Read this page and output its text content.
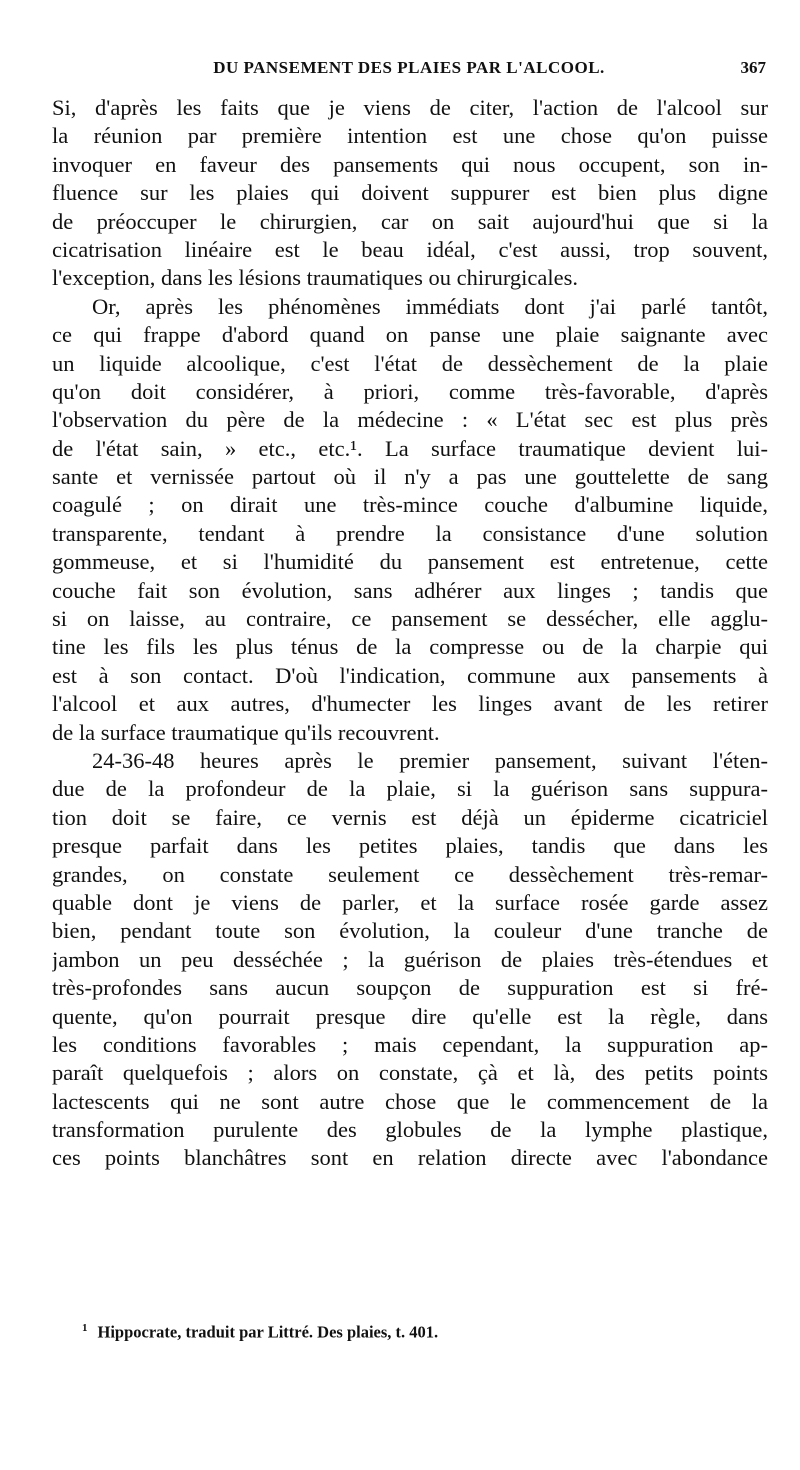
DU PANSEMENT DES PLAIES PAR L'ALCOOL.	367
Si, d'après les faits que je viens de citer, l'action de l'alcool sur
la réunion par première intention est une chose qu'on puisse
invoquer en faveur des pansements qui nous occupent, son in-
fluence sur les plaies qui doivent suppurer est bien plus digne
de préoccuper le chirurgien, car on sait aujourd'hui que si la
cicatrisation linéaire est le beau idéal, c'est aussi, trop souvent,
l'exception, dans les lésions traumatiques ou chirurgicales.
Or, après les phénomènes immédiats dont j'ai parlé tantôt,
ce qui frappe d'abord quand on panse une plaie saignante avec
un liquide alcoolique, c'est l'état de dessèchement de la plaie
qu'on doit considérer, à priori, comme très-favorable, d'après
l'observation du père de la médecine : « L'état sec est plus près
de l'état sain, » etc., etc.¹. La surface traumatique devient lui-
sante et vernissée partout où il n'y a pas une gouttelette de sang
coagulé ; on dirait une très-mince couche d'albumine liquide,
transparente, tendant à prendre la consistance d'une solution
gommeuse, et si l'humidité du pansement est entretenue, cette
couche fait son évolution, sans adhérer aux linges ; tandis que
si on laisse, au contraire, ce pansement se dessécher, elle agglu-
tine les fils les plus ténus de la compresse ou de la charpie qui
est à son contact. D'où l'indication, commune aux pansements à
l'alcool et aux autres, d'humecter les linges avant de les retirer
de la surface traumatique qu'ils recouvrent.
24-36-48 heures après le premier pansement, suivant l'éten-
due de la profondeur de la plaie, si la guérison sans suppura-
tion doit se faire, ce vernis est déjà un épiderme cicatriciel
presque parfait dans les petites plaies, tandis que dans les
grandes, on constate seulement ce dessèchement très-remar-
quable dont je viens de parler, et la surface rosée garde assez
bien, pendant toute son évolution, la couleur d'une tranche de
jambon un peu desséchée ; la guérison de plaies très-étendues et
très-profondes sans aucun soupçon de suppuration est si fré-
quente, qu'on pourrait presque dire qu'elle est la règle, dans
les conditions favorables ; mais cependant, la suppuration ap-
paraît quelquefois ; alors on constate, çà et là, des petits points
lactescents qui ne sont autre chose que le commencement de la
transformation purulente des globules de la lymphe plastique,
ces points blanchâtres sont en relation directe avec l'abondance
$^1$ Hippocrate, traduit par Littré. Des plaies, t. 401.
